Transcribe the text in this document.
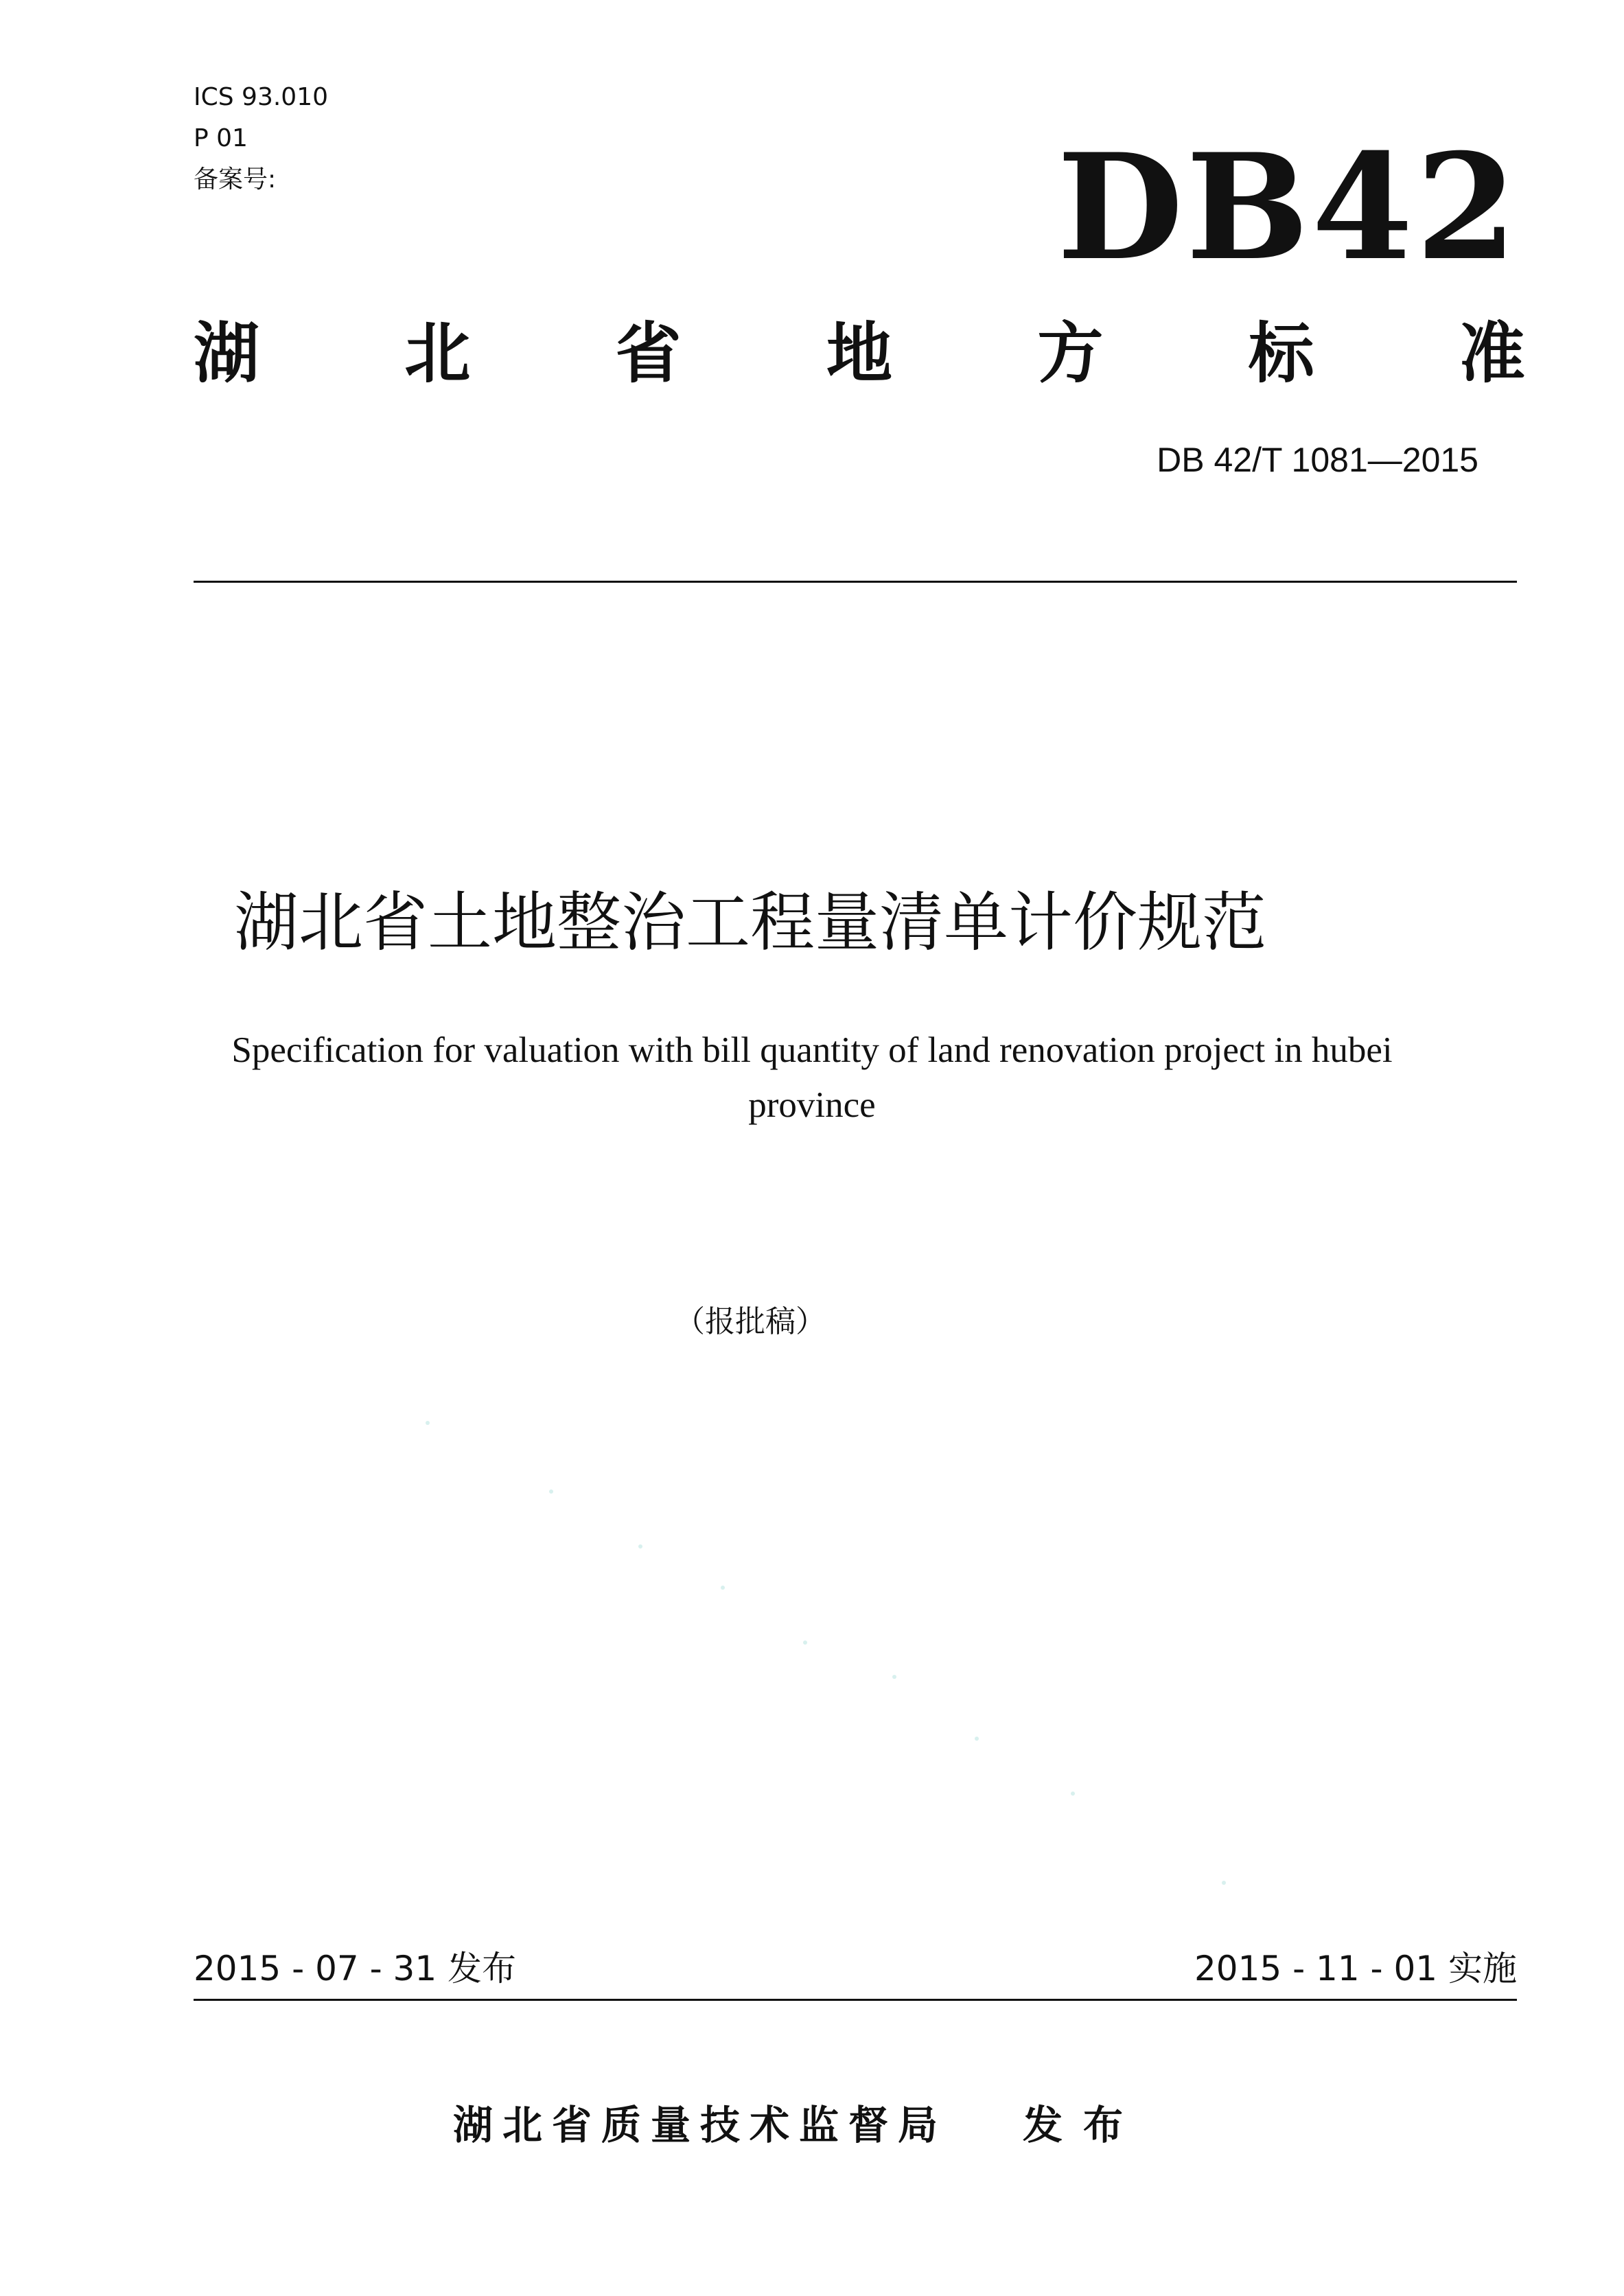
ICS 93.010
P 01
备案号:	DB42
湖 北 省 地 方 标 准
DB 42/T 1081—2015
湖北省土地整治工程量清单计价规范
Specification for valuation with bill quantity of land renovation project in hubei
province
（报批稿）
2015 - 07 - 31 发布	2015 - 11 - 01 实施
湖北省质量技术监督局 发布
